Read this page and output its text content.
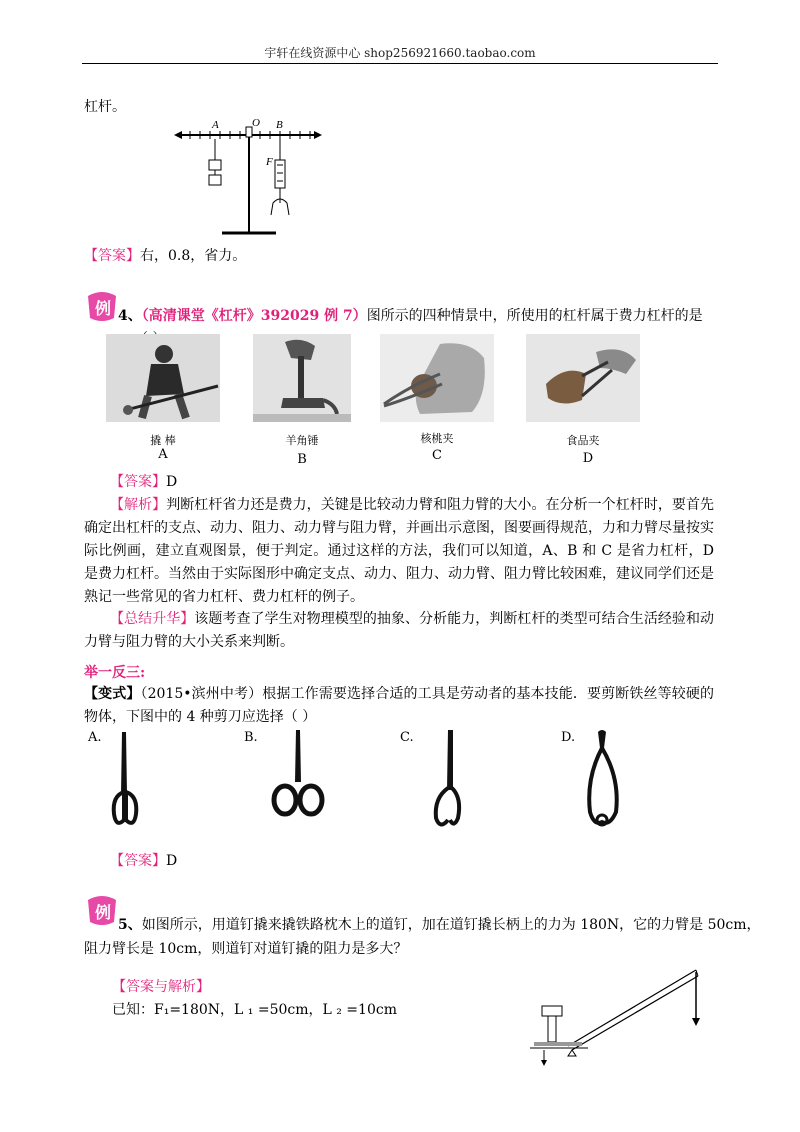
宇轩在线资源中心 shop256921660.taobao.com
杠杆。
A	O B
F
【答案】右，0.8，省力。
例 4、（高清课堂《杠杆》392029 例 7）图所示的四种情景中，所使用的杠杆属于费力杠杆的是
撬 棒	羊角锤	核桃夹	食品夹
A	B	C	D
【答案】D
【解析】判断杠杆省力还是费力，关键是比较动力臂和阻力臂的大小。在分析一个杠杆时，要首先确定出杠杆的支点、动力、阻力、动力臂与阻力臂，并画出示意图，图要画得规范，力和力臂尽量按实际比例画，建立直观图景，便于判定。通过这样的方法，我们可以知道，A、B 和 C 是省力杠杆，D 是费力杠杆。当然由于实际图形中确定支点、动力、阻力、动力臂、阻力臂比较困难，建议同学们还是熟记一些常见的省力杠杆、费力杠杆的例子。
【总结升华】该题考查了学生对物理模型的抽象、分析能力，判断杠杆的类型可结合生活经验和动力臂与阻力臂的大小关系来判断。
举一反三:
【变式】（2015•滨州中考）根据工作需要选择合适的工具是劳动者的基本技能．要剪断铁丝等较硬的物体，下图中的 4 种剪刀应选择（ ）
A.	B.	C.	D.
【答案】D
例
5、如图所示，用道钉撬来撬铁路枕木上的道钉，加在道钉撬长柄上的力为 180N，它的力臂是 50cm，
阻力臂长是 10cm，则道钉对道钉撬的阻力是多大？
【答案与解析】
已知：F₁=180N，L ₁ =50cm，L ₂ =10cm
